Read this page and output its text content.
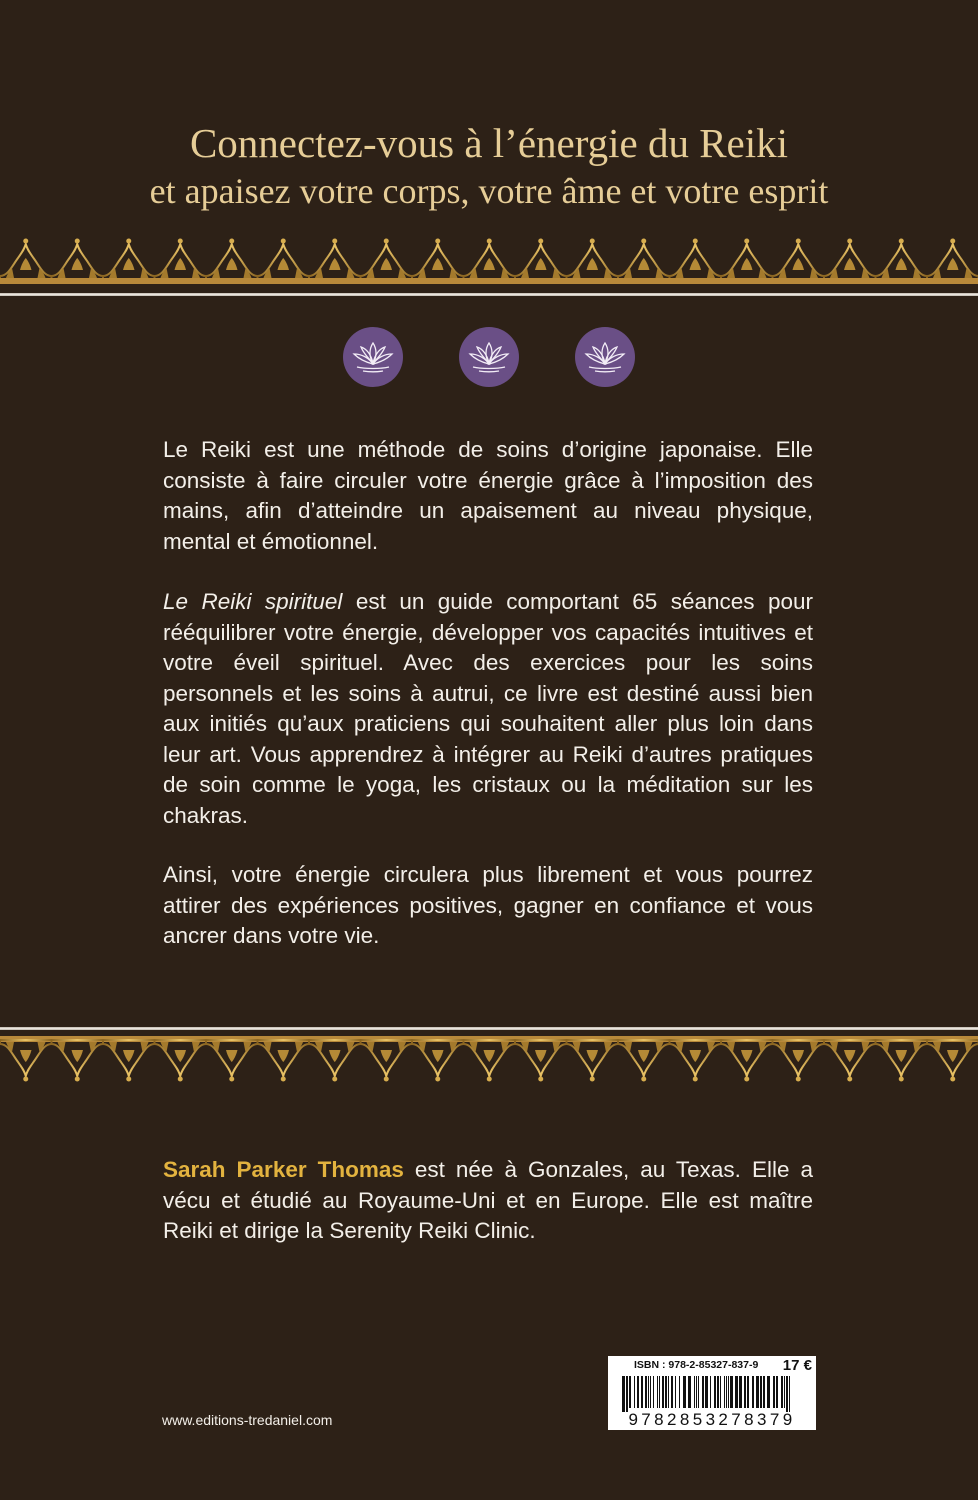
Connectez-vous à l’énergie du Reiki
et apaisez votre corps, votre âme et votre esprit

Le Reiki est une méthode de soins d’origine japonaise. Elle consiste à faire circuler votre énergie grâce à l’imposition des mains, afin d’atteindre un apaisement au niveau physique, mental et émotionnel.

Le Reiki spirituel est un guide comportant 65 séances pour rééquilibrer votre énergie, développer vos capacités intuitives et votre éveil spirituel. Avec des exercices pour les soins personnels et les soins à autrui, ce livre est destiné aussi bien aux initiés qu’aux praticiens qui souhaitent aller plus loin dans leur art. Vous apprendrez à intégrer au Reiki d’autres pratiques de soin comme le yoga, les cristaux ou la méditation sur les chakras.

Ainsi, votre énergie circulera plus librement et vous pourrez attirer des expériences positives, gagner en confiance et vous ancrer dans votre vie.

Sarah Parker Thomas est née à Gonzales, au Texas. Elle a vécu et étudié au Royaume-Uni et en Europe. Elle est maître Reiki et dirige la Serenity Reiki Clinic.

www.editions-tredaniel.com
ISBN : 978-2-85327-837-9 17 €
9782853278379
